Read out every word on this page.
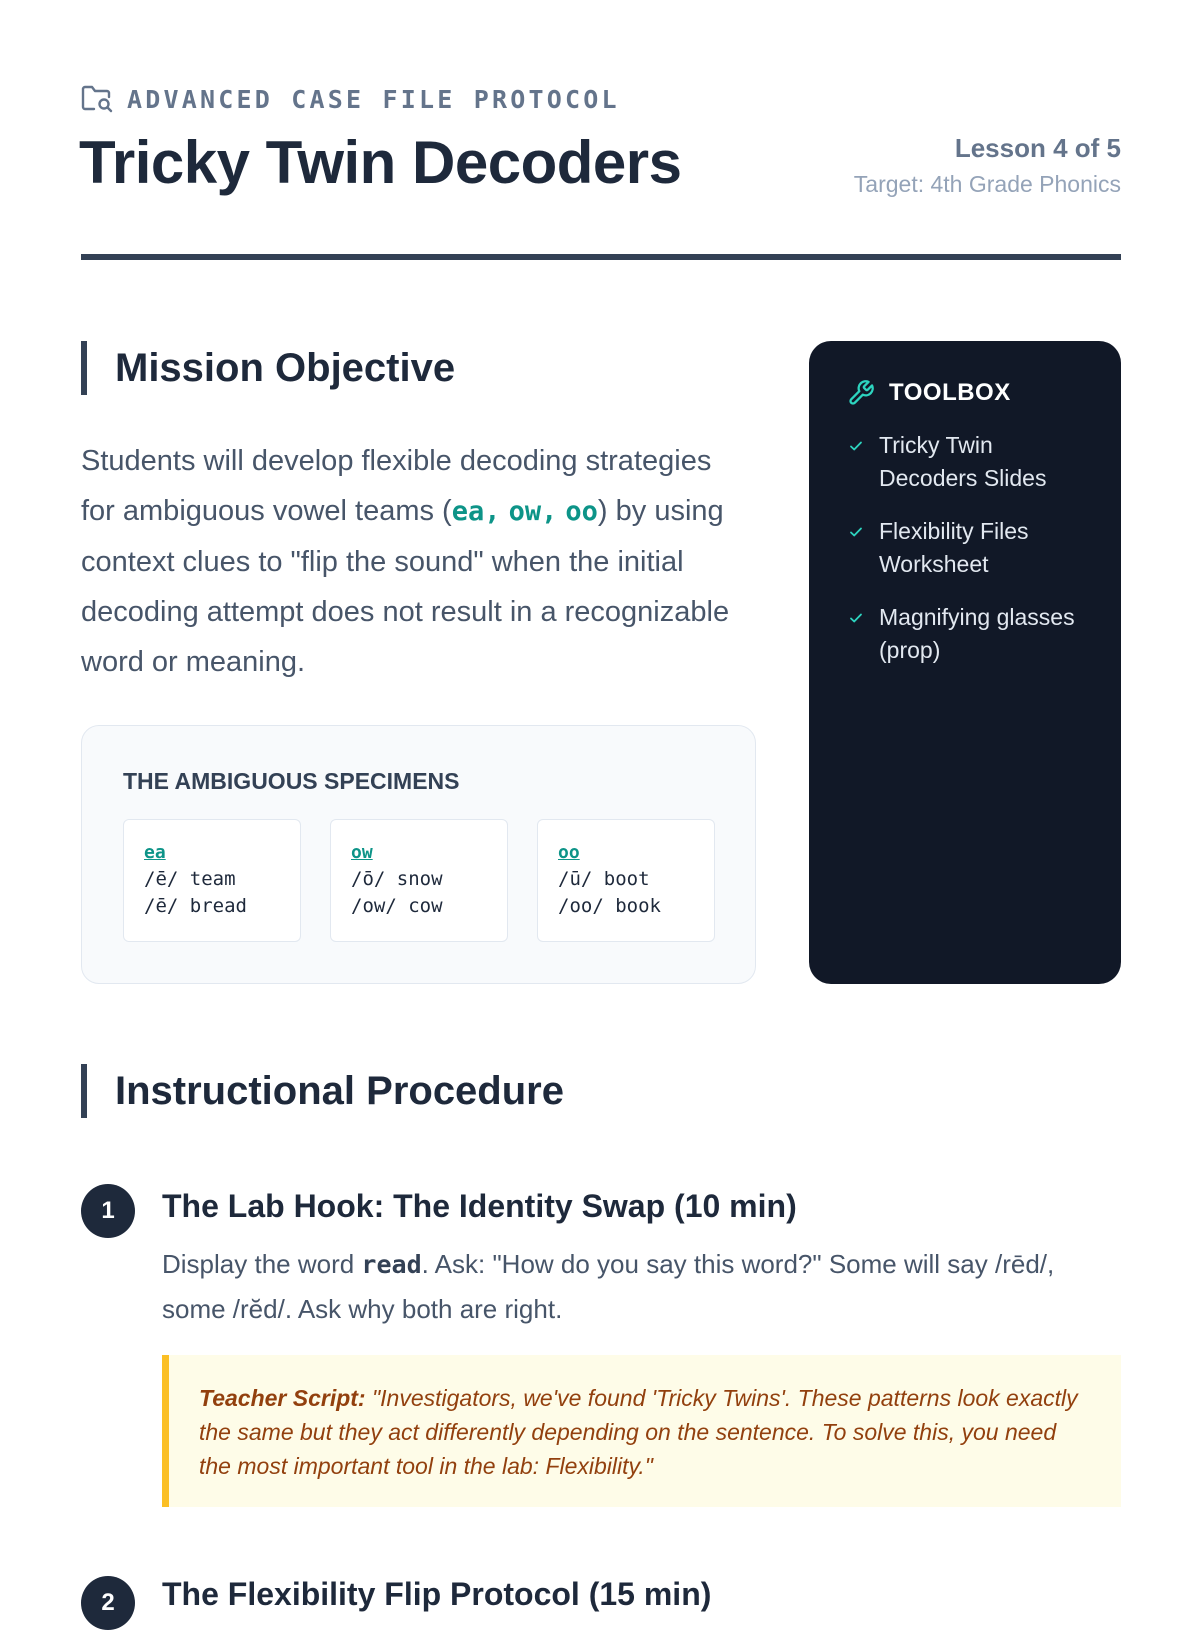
ADVANCED CASE FILE PROTOCOL
Tricky Twin Decoders	Lesson 4 of 5
Target: 4th Grade Phonics
Mission Objective

Students will develop flexible decoding strategies for ambiguous vowel teams (ea, ow, oo) by using context clues to "flip the sound" when the initial decoding attempt does not result in a recognizable word or meaning.

THE AMBIGUOUS SPECIMENS
ea
/ē/ team
/ē/ bread
ow
/ō/ snow
/ow/ cow
oo
/ū/ boot
/oo/ book
TOOLBOX
Tricky Twin Decoders Slides
Flexibility Files Worksheet
Magnifying glasses (prop)
Instructional Procedure
1	The Lab Hook: The Identity Swap (10 min)

Display the word read. Ask: "How do you say this word?" Some will say /rēd/, some /rĕd/. Ask why both are right.

Teacher Script: "Investigators, we've found 'Tricky Twins'. These patterns look exactly the same but they act differently depending on the sentence. To solve this, you need the most important tool in the lab: Flexibility."
2	The Flexibility Flip Protocol (15 min)
